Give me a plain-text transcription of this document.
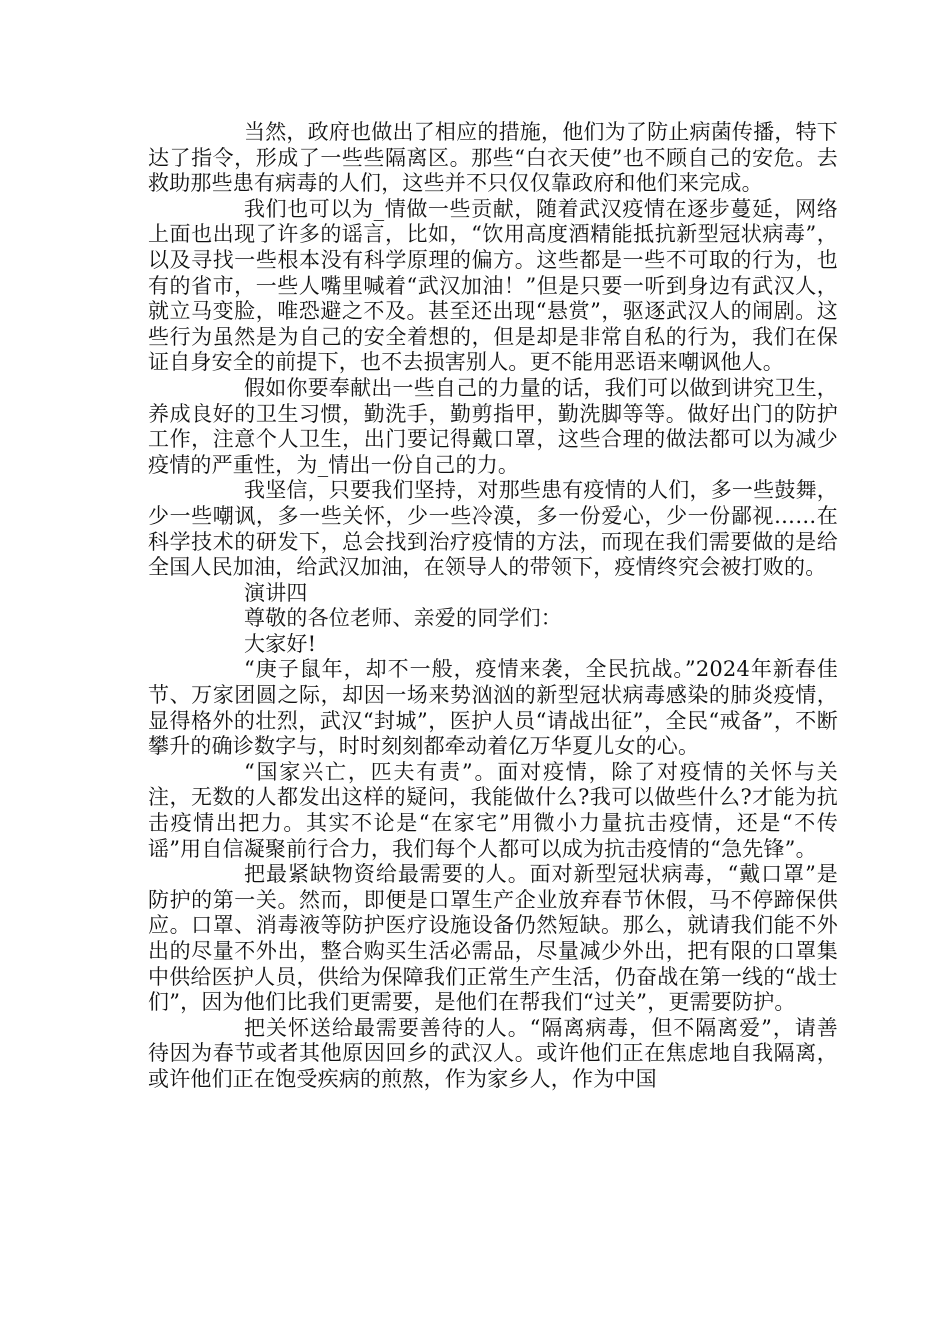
当然，政府也做出了相应的措施，他们为了防止病菌传播，特下达了指令，形成了一些些隔离区。那些“白衣天使”也不顾自己的安危。去救助那些患有病毒的人们，这些并不只仅仅靠政府和他们来完成。

我们也可以为_情做一些贡献，随着武汉疫情在逐步蔓延，网络上面也出现了许多的谣言，比如，“饮用高度酒精能抵抗新型冠状病毒”，以及寻找一些根本没有科学原理的偏方。这些都是一些不可取的行为，也有的省市，一些人嘴里喊着“武汉加油！”但是只要一听到身边有武汉人，就立马变脸，唯恐避之不及。甚至还出现“悬赏”，驱逐武汉人的闹剧。这些行为虽然是为自己的安全着想的，但是却是非常自私的行为，我们在保证自身安全的前提下，也不去损害别人。更不能用恶语来嘲讽他人。

假如你要奉献出一些自己的力量的话，我们可以做到讲究卫生，养成良好的卫生习惯，勤洗手，勤剪指甲，勤洗脚等等。做好出门的防护工作，注意个人卫生，出门要记得戴口罩，这些合理的做法都可以为减少疫情的严重性，为_情出一份自己的力。

我坚信，只要我们坚持，对那些患有疫情的人们，多一些鼓舞，少一些嘲讽，多一些关怀，少一些冷漠，多一份爱心，少一份鄙视……在科学技术的研发下，总会找到治疗疫情的方法，而现在我们需要做的是给全国人民加油，给武汉加油，在领导人的带领下，疫情终究会被打败的。

演讲四

尊敬的各位老师、亲爱的同学们：

大家好!

“庚子鼠年，却不一般，疫情来袭，全民抗战。”2024年新春佳节、万家团圆之际，却因一场来势汹汹的新型冠状病毒感染的肺炎疫情，显得格外的壮烈，武汉“封城”，医护人员“请战出征”，全民“戒备”，不断攀升的确诊数字与，时时刻刻都牵动着亿万华夏儿女的心。

“国家兴亡，匹夫有责”。面对疫情，除了对疫情的关怀与关注，无数的人都发出这样的疑问，我能做什么?我可以做些什么?才能为抗击疫情出把力。其实不论是“在家宅”用微小力量抗击疫情，还是“不传谣”用自信凝聚前行合力，我们每个人都可以成为抗击疫情的“急先锋”。

把最紧缺物资给最需要的人。面对新型冠状病毒，“戴口罩”是防护的第一关。然而，即便是口罩生产企业放弃春节休假，马不停蹄保供应。口罩、消毒液等防护医疗设施设备仍然短缺。那么，就请我们能不外出的尽量不外出，整合购买生活必需品，尽量减少外出，把有限的口罩集中供给医护人员，供给为保障我们正常生产生活，仍奋战在第一线的“战士们”，因为他们比我们更需要，是他们在帮我们“过关”，更需要防护。

把关怀送给最需要善待的人。“隔离病毒，但不隔离爱”，请善待因为春节或者其他原因回乡的武汉人。或许他们正在焦虑地自我隔离，或许他们正在饱受疾病的煎熬，作为家乡人，作为中国
